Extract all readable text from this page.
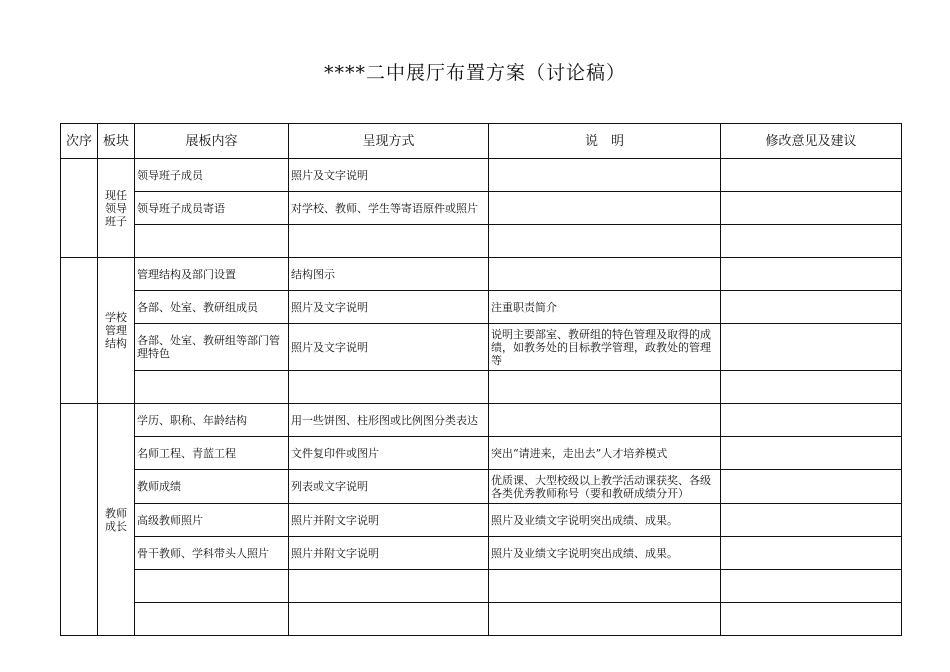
****二中展厅布置方案（讨论稿）
次序	板块	展板内容	呈现方式	说　明	修改意见及建议
	现任领导班子	领导班子成员	照片及文字说明		
		领导班子成员寄语	对学校、教师、学生等寄语原件或照片		

	学校管理结构	管理结构及部门设置	结构图示		
		各部、处室、教研组成员	照片及文字说明	注重职责简介	
		各部、处室、教研组等部门管理特色	照片及文字说明	说明主要部室、教研组的特色管理及取得的成绩，如教务处的目标教学管理，政教处的管理等	

	教师成长	学历、职称、年龄结构	用一些饼图、柱形图或比例图分类表达		
		名师工程、青蓝工程	文件复印件或图片	突出“请进来，走出去”人才培养模式	
		教师成绩	列表或文字说明	优质课、大型校级以上教学活动课获奖、各级各类优秀教师称号（要和教研成绩分开）	
		高级教师照片	照片并附文字说明	照片及业绩文字说明突出成绩、成果。	
		骨干教师、学科带头人照片	照片并附文字说明	照片及业绩文字说明突出成绩、成果。	
